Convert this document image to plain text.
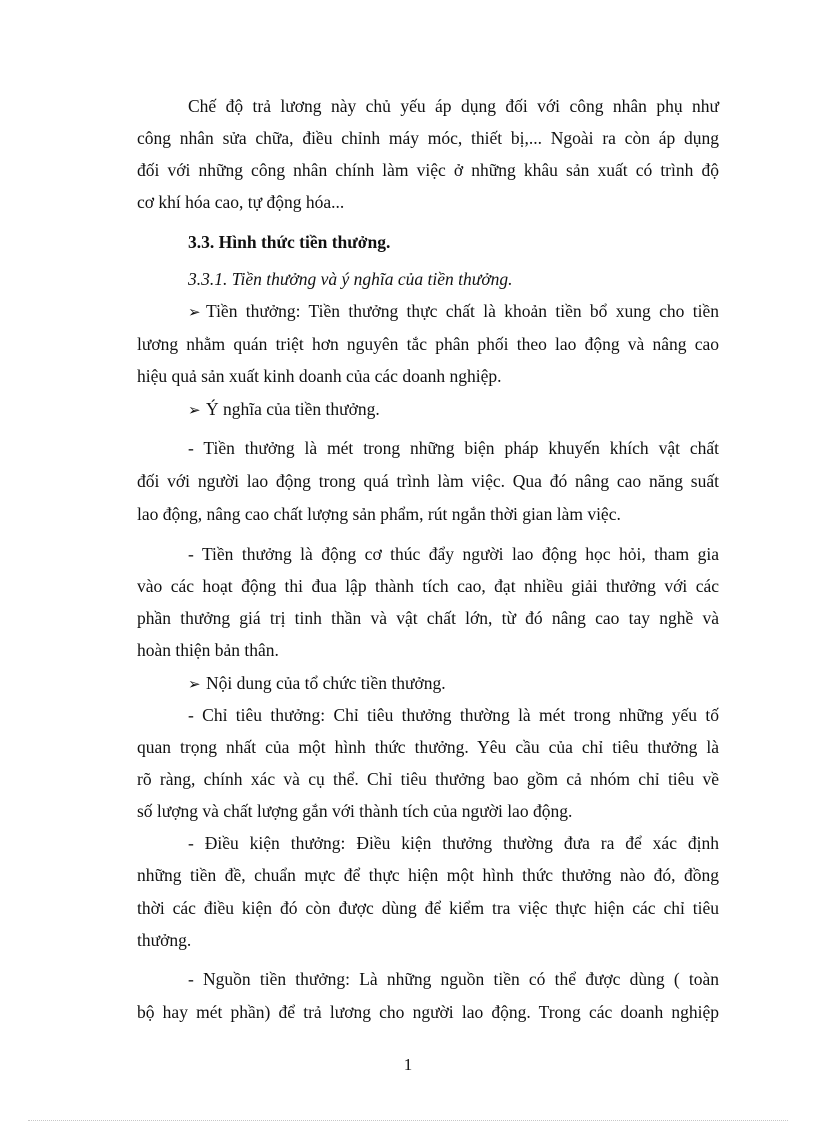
Chế độ trả lương này chủ yếu áp dụng đối với công nhân phụ như
công nhân sửa chữa, điều chỉnh máy móc, thiết bị,... Ngoài ra còn áp dụng
đối với những công nhân chính làm việc ở những khâu sản xuất có trình độ
cơ khí hóa cao, tự động hóa...
3.3. Hình thức tiền thưởng.
3.3.1. Tiền thưởng và ý nghĩa của tiền thưởng.
➢ Tiền thưởng: Tiền thưởng thực chất là khoản tiền bổ xung cho tiền
lương nhằm quán triệt hơn nguyên tắc phân phối theo lao động và nâng cao
hiệu quả sản xuất kinh doanh của các doanh nghiệp.
➢ Ý nghĩa của tiền thưởng.
- Tiền thưởng là mét trong những biện pháp khuyến khích vật chất
đối với người lao động trong quá trình làm việc. Qua đó nâng cao năng suất
lao động, nâng cao chất lượng sản phẩm, rút ngắn thời gian làm việc.
- Tiền thưởng là động cơ thúc đẩy người lao động học hỏi, tham gia
vào các hoạt động thi đua lập thành tích cao, đạt nhiều giải thưởng với các
phần thưởng giá trị tinh thần và vật chất lớn, từ đó nâng cao tay nghề và
hoàn thiện bản thân.
➢ Nội dung của tổ chức tiền thưởng.
- Chỉ tiêu thưởng: Chỉ tiêu thưởng thường là mét trong những yếu tố
quan trọng nhất của một hình thức thưởng. Yêu cầu của chỉ tiêu thưởng là
rõ ràng, chính xác và cụ thể. Chỉ tiêu thưởng bao gồm cả nhóm chỉ tiêu về
số lượng và chất lượng gắn với thành tích của người lao động.
- Điều kiện thưởng: Điều kiện thưởng thường đưa ra để xác định
những tiền đề, chuẩn mực để thực hiện một hình thức thưởng nào đó, đồng
thời các điều kiện đó còn được dùng để kiểm tra việc thực hiện các chỉ tiêu
thưởng.
- Nguồn tiền thưởng: Là những nguồn tiền có thể được dùng ( toàn
bộ hay mét phần) để trả lương cho người lao động. Trong các doanh nghiệp
1
